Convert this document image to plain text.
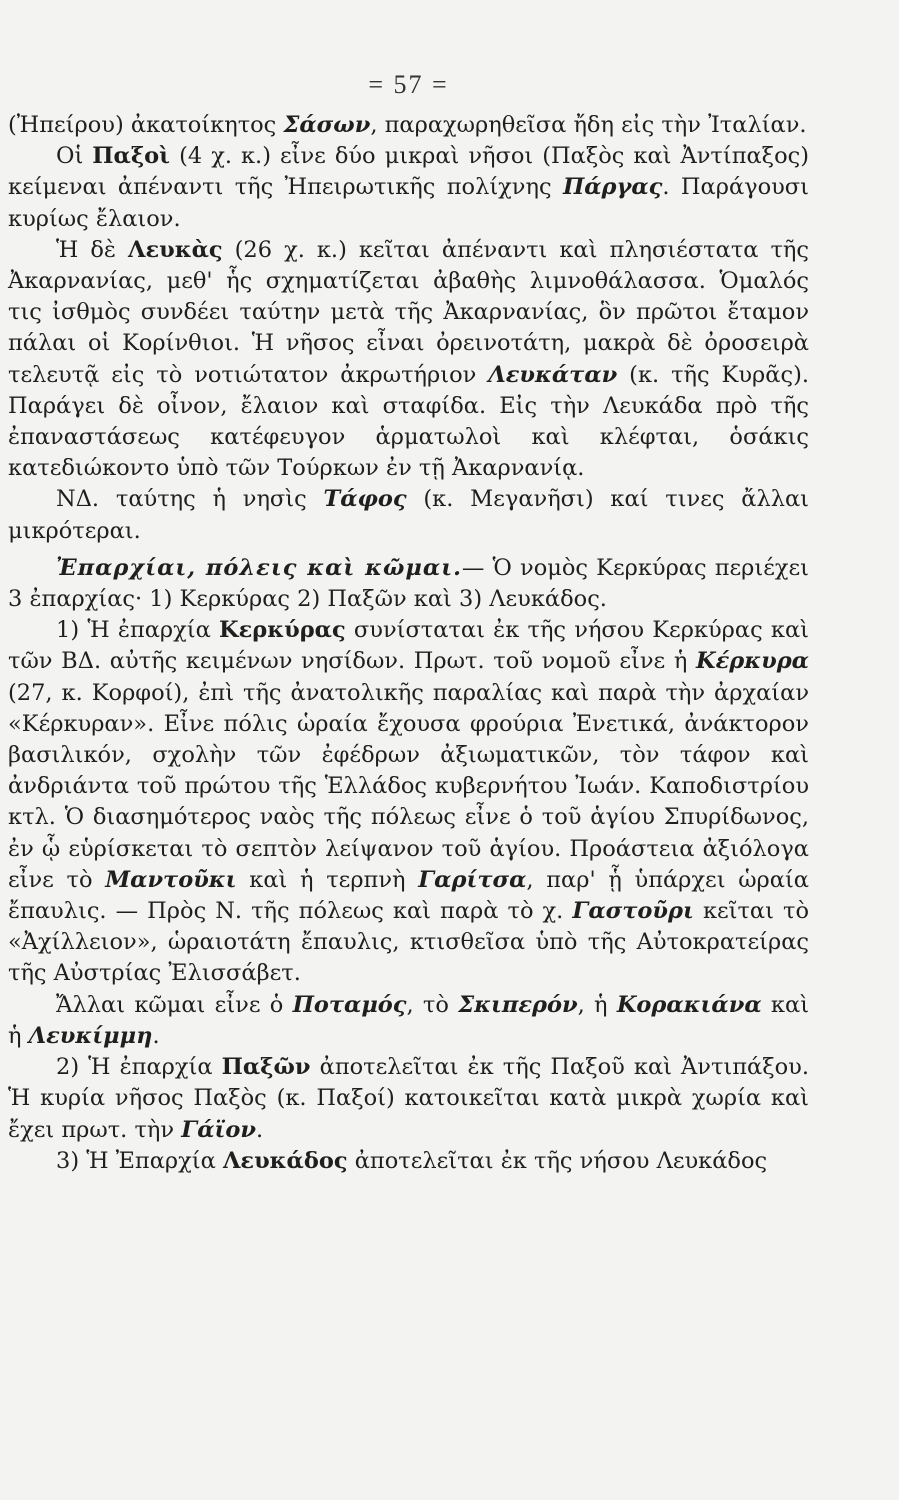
= 57 =

(Ἠπείρου) ἀκατοίκητος Σάσων, παραχωρηθεῖσα ἤδη εἰς τὴν Ἰταλίαν.

Οἱ Παξοὶ (4 χ. κ.) εἶνε δύο μικραὶ νῆσοι (Παξὸς καὶ Ἀντίπαξος) κείμεναι ἀπέναντι τῆς Ἠπειρωτικῆς πολίχνης Πάργας. Παράγουσι κυρίως ἔλαιον.

Ἡ δὲ Λευκὰς (26 χ. κ.) κεῖται ἀπέναντι καὶ πλησιέστατα τῆς Ἀκαρνανίας, μεθ' ἧς σχηματίζεται ἀβαθὴς λιμνοθάλασσα. Ὁμαλός τις ἰσθμὸς συνδέει ταύτην μετὰ τῆς Ἀκαρνανίας, ὃν πρῶτοι ἔταμον πάλαι οἱ Κορίνθιοι. Ἡ νῆσος εἶναι ὀρεινοτάτη, μακρὰ δὲ ὀροσειρὰ τελευτᾷ εἰς τὸ νοτιώτατον ἀκρωτήριον Λευκάταν (κ. τῆς Κυρᾶς). Παράγει δὲ οἶνον, ἔλαιον καὶ σταφίδα. Εἰς τὴν Λευκάδα πρὸ τῆς ἐπαναστάσεως κατέφευγον ἁρματωλοὶ καὶ κλέφται, ὁσάκις κατεδιώκοντο ὑπὸ τῶν Τούρκων ἐν τῇ Ἀκαρνανίᾳ.

ΝΔ. ταύτης ἡ νησὶς Τάφος (κ. Μεγανῆσι) καί τινες ἄλλαι μικρότεραι.

Ἐπαρχίαι, πόλεις καὶ κῶμαι.— Ὁ νομὸς Κερκύρας περιέχει 3 ἐπαρχίας· 1) Κερκύρας 2) Παξῶν καὶ 3) Λευκάδος.

1) Ἡ ἐπαρχία Κερκύρας συνίσταται ἐκ τῆς νήσου Κερκύρας καὶ τῶν ΒΔ. αὐτῆς κειμένων νησίδων. Πρωτ. τοῦ νομοῦ εἶνε ἡ Κέρκυρα (27, κ. Κορφοί), ἐπὶ τῆς ἀνατολικῆς παραλίας καὶ παρὰ τὴν ἀρχαίαν «Κέρκυραν». Εἶνε πόλις ὡραία ἔχουσα φρούρια Ἐνετικά, ἀνάκτορον βασιλικόν, σχολὴν τῶν ἐφέδρων ἀξιωματικῶν, τὸν τάφον καὶ ἀνδριάντα τοῦ πρώτου τῆς Ἑλλάδος κυβερνήτου Ἰωάν. Καποδιστρίου κτλ. Ὁ διασημότερος ναὸς τῆς πόλεως εἶνε ὁ τοῦ ἁγίου Σπυρίδωνος, ἐν ᾧ εὑρίσκεται τὸ σεπτὸν λείψανον τοῦ ἁγίου. Προάστεια ἀξιόλογα εἶνε τὸ Μαντοῦκι καὶ ἡ τερπνὴ Γαρίτσα, παρ' ᾗ ὑπάρχει ὡραία ἔπαυλις. — Πρὸς Ν. τῆς πόλεως καὶ παρὰ τὸ χ. Γαστοῦρι κεῖται τὸ «Ἀχίλλειον», ὡραιοτάτη ἔπαυλις, κτισθεῖσα ὑπὸ τῆς Αὐτοκρατείρας τῆς Αὐστρίας Ἐλισσάβετ.

Ἄλλαι κῶμαι εἶνε ὁ Ποταμός, τὸ Σκιπερόν, ἡ Κορακιάνα καὶ ἡ Λευκίμμη.

2) Ἡ ἐπαρχία Παξῶν ἀποτελεῖται ἐκ τῆς Παξοῦ καὶ Ἀντιπάξου. Ἡ κυρία νῆσος Παξὸς (κ. Παξοί) κατοικεῖται κατὰ μικρὰ χωρία καὶ ἔχει πρωτ. τὴν Γάϊον.

3) Ἡ Ἐπαρχία Λευκάδος ἀποτελεῖται ἐκ τῆς νήσου Λευκάδος
